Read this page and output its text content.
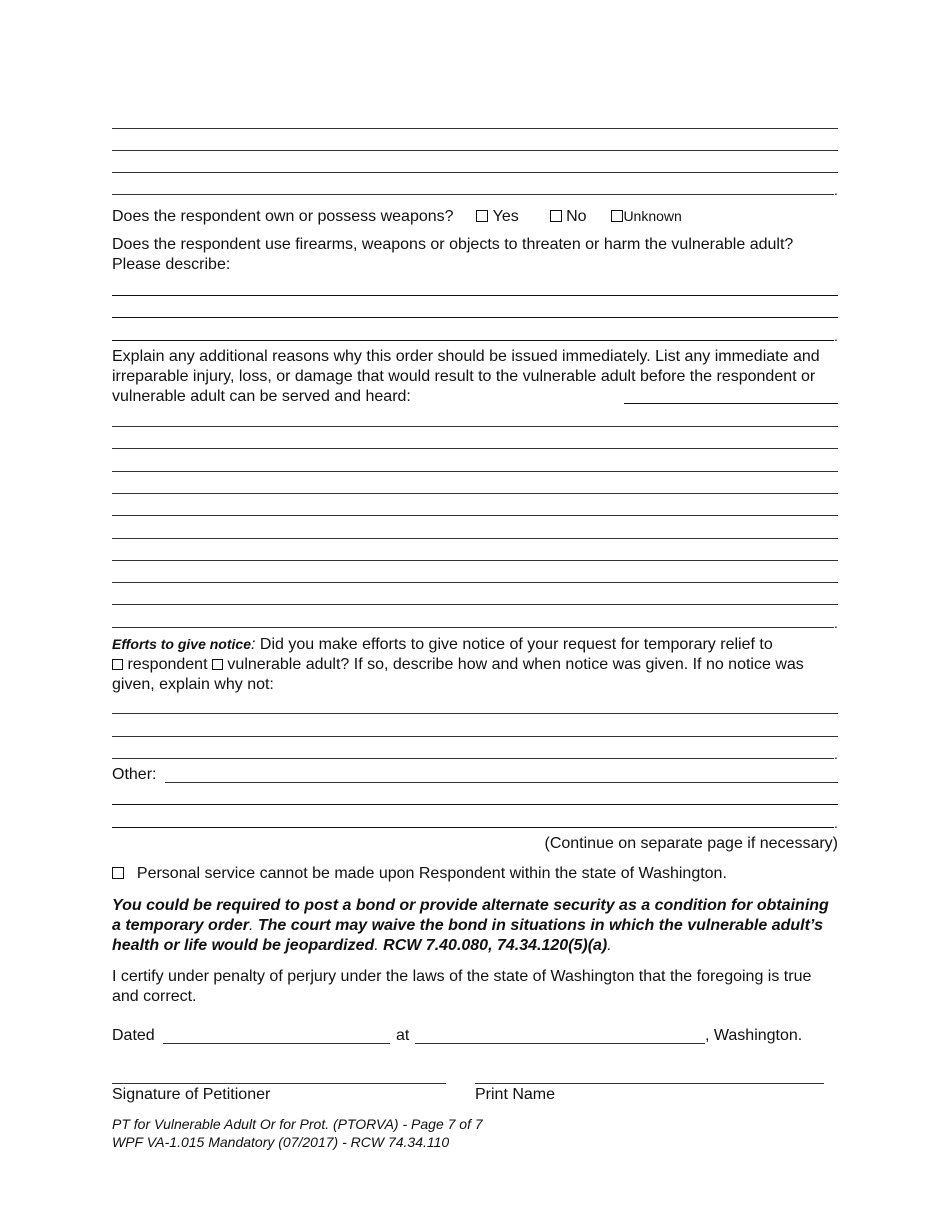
.
Does the respondent own or possess weapons? Yes	No	Unknown
Does the respondent use firearms, weapons or objects to threaten or harm the vulnerable adult? Please describe:
.
Explain any additional reasons why this order should be issued immediately. List any immediate and irreparable injury, loss, or damage that would result to the vulnerable adult before the respondent or vulnerable adult can be served and heard:
.
Efforts to give notice: Did you make efforts to give notice of your request for temporary relief to
respondent vulnerable adult? If so, describe how and when notice was given. If no notice was given, explain why not:
.
Other:
.
(Continue on separate page if necessary)
Personal service cannot be made upon Respondent within the state of Washington.
You could be required to post a bond or provide alternate security as a condition for obtaining a temporary order. The court may waive the bond in situations in which the vulnerable adult’s health or life would be jeopardized. RCW 7.40.080, 74.34.120(5)(a).
I certify under penalty of perjury under the laws of the state of Washington that the foregoing is true and correct.
Dated	at	, Washington.
Signature of Petitioner	Print Name
PT for Vulnerable Adult Or for Prot. (PTORVA) - Page 7 of 7
WPF VA-1.015 Mandatory (07/2017) - RCW 74.34.110
